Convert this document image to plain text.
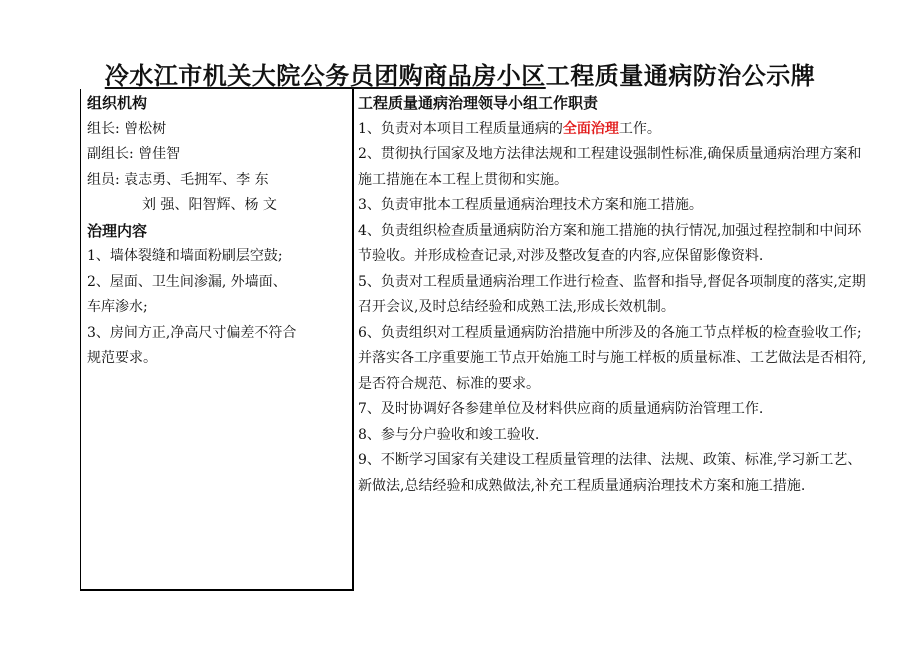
冷水江市机关大院公务员团购商品房小区工程质量通病防治公示牌
组织机构
组长: 曾松树
副组长: 曾佳智
组员: 袁志勇、毛拥军、李 东
刘 强、阳智辉、杨 文
治理内容
1、墙体裂缝和墙面粉刷层空鼓;
2、屋面、卫生间渗漏, 外墙面、
车库渗水;
3、房间方正,净高尺寸偏差不符合
规范要求。
工程质量通病治理领导小组工作职责

1、负责对本项目工程质量通病的全面治理工作。

2、贯彻执行国家及地方法律法规和工程建设强制性标准,确保质量通病治理方案和施工措施在本工程上贯彻和实施。

3、负责审批本工程质量通病治理技术方案和施工措施。

4、负责组织检查质量通病防治方案和施工措施的执行情况,加强过程控制和中间环节验收。并形成检查记录,对涉及整改复查的内容,应保留影像资料.

5、负责对工程质量通病治理工作进行检查、监督和指导,督促各项制度的落实,定期召开会议,及时总结经验和成熟工法,形成长效机制。

6、负责组织对工程质量通病防治措施中所涉及的各施工节点样板的检查验收工作; 并落实各工序重要施工节点开始施工时与施工样板的质量标准、工艺做法是否相符,是否符合规范、标准的要求。

7、及时协调好各参建单位及材料供应商的质量通病防治管理工作.

8、参与分户验收和竣工验收.

9、不断学习国家有关建设工程质量管理的法律、法规、政策、标准,学习新工艺、新做法,总结经验和成熟做法,补充工程质量通病治理技术方案和施工措施.
